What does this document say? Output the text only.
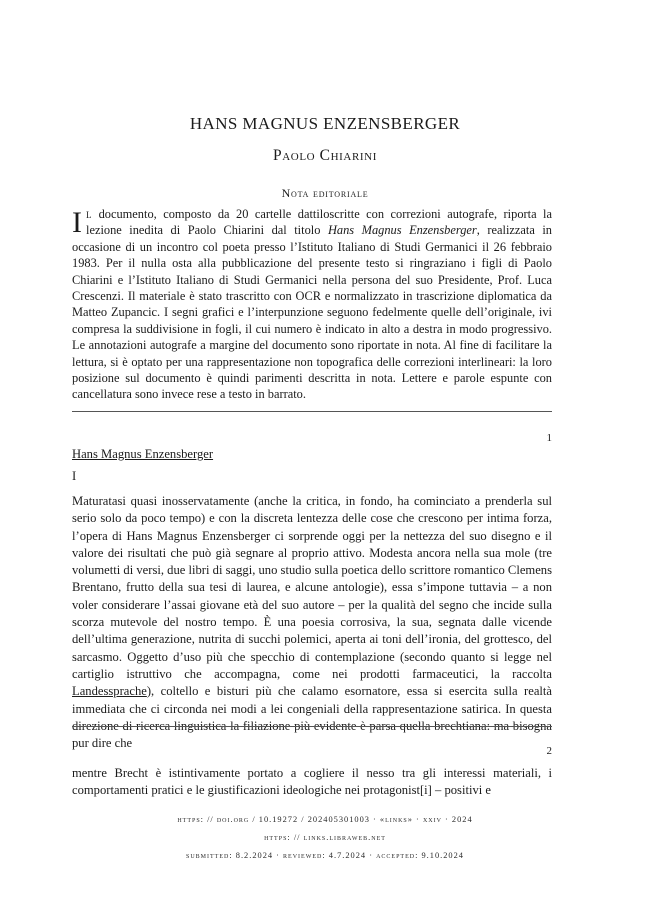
HANS MAGNUS ENZENSBERGER
Paolo Chiarini
Nota editoriale
Il documento, composto da 20 cartelle dattiloscritte con correzioni autografe, riporta la lezione inedita di Paolo Chiarini dal titolo Hans Magnus Enzensberger, realizzata in occasione di un incontro col poeta presso l’Istituto Italiano di Studi Germanici il 26 febbraio 1983. Per il nulla osta alla pubblicazione del presente testo si ringraziano i figli di Paolo Chiarini e l’Istituto Italiano di Studi Germanici nella persona del suo Presidente, Prof. Luca Crescenzi. Il materiale è stato trascritto con OCR e normalizzato in trascrizione diplomatica da Matteo Zupancic. I segni grafici e l’interpunzione seguono fedelmente quelle dell’originale, ivi compresa la suddivisione in fogli, il cui numero è indicato in alto a destra in modo progressivo. Le annotazioni autografe a margine del documento sono riportate in nota. Al fine di facilitare la lettura, si è optato per una rappresentazione non topografica delle correzioni interlineari: la loro posizione sul documento è quindi parimenti descritta in nota. Lettere e parole espunte con cancellatura sono invece rese a testo in barrato.
1
Hans Magnus Enzensberger
I
Maturatasi quasi inosservatamente (anche la critica, in fondo, ha cominciato a prenderla sul serio solo da poco tempo) e con la discreta lentezza delle cose che crescono per intima forza, l’opera di Hans Magnus Enzensberger ci sorprende oggi per la nettezza del suo disegno e il valore dei risultati che può già segnare al proprio attivo. Modesta ancora nella sua mole (tre volumetti di versi, due libri di saggi, uno studio sulla poetica dello scrittore romantico Clemens Brentano, frutto della sua tesi di laurea, e alcune antologie), essa s’impone tuttavia – a non voler considerare l’assai giovane età del suo autore – per la qualità del segno che incide sulla scorza mutevole del nostro tempo. È una poesia corrosiva, la sua, segnata dalle vicende dell’ultima generazione, nutrita di succhi polemici, aperta ai toni dell’ironia, del grottesco, del sarcasmo. Oggetto d’uso più che specchio di contemplazione (secondo quanto si legge nel cartiglio istruttivo che accompagna, come nei prodotti farmaceutici, la raccolta Landessprache), coltello e bisturi più che calamo esornatore, essa si esercita sulla realtà immediata che ci circonda nei modi a lei congeniali della rappresentazione satirica. In questa direzione di ricerca linguistica la filiazione più evidente è parsa quella brechtiana: ma bisogna pur dire che
2
mentre Brecht è istintivamente portato a cogliere il nesso tra gli interessi materiali, i comportamenti pratici e le giustificazioni ideologiche nei protagonist[i] – positivi e
https: // doi.org / 10.19272 / 202405301003 · «links» · xxiv · 2024
https: // links.libraweb.net
submitted: 8.2.2024 · reviewed: 4.7.2024 · accepted: 9.10.2024
